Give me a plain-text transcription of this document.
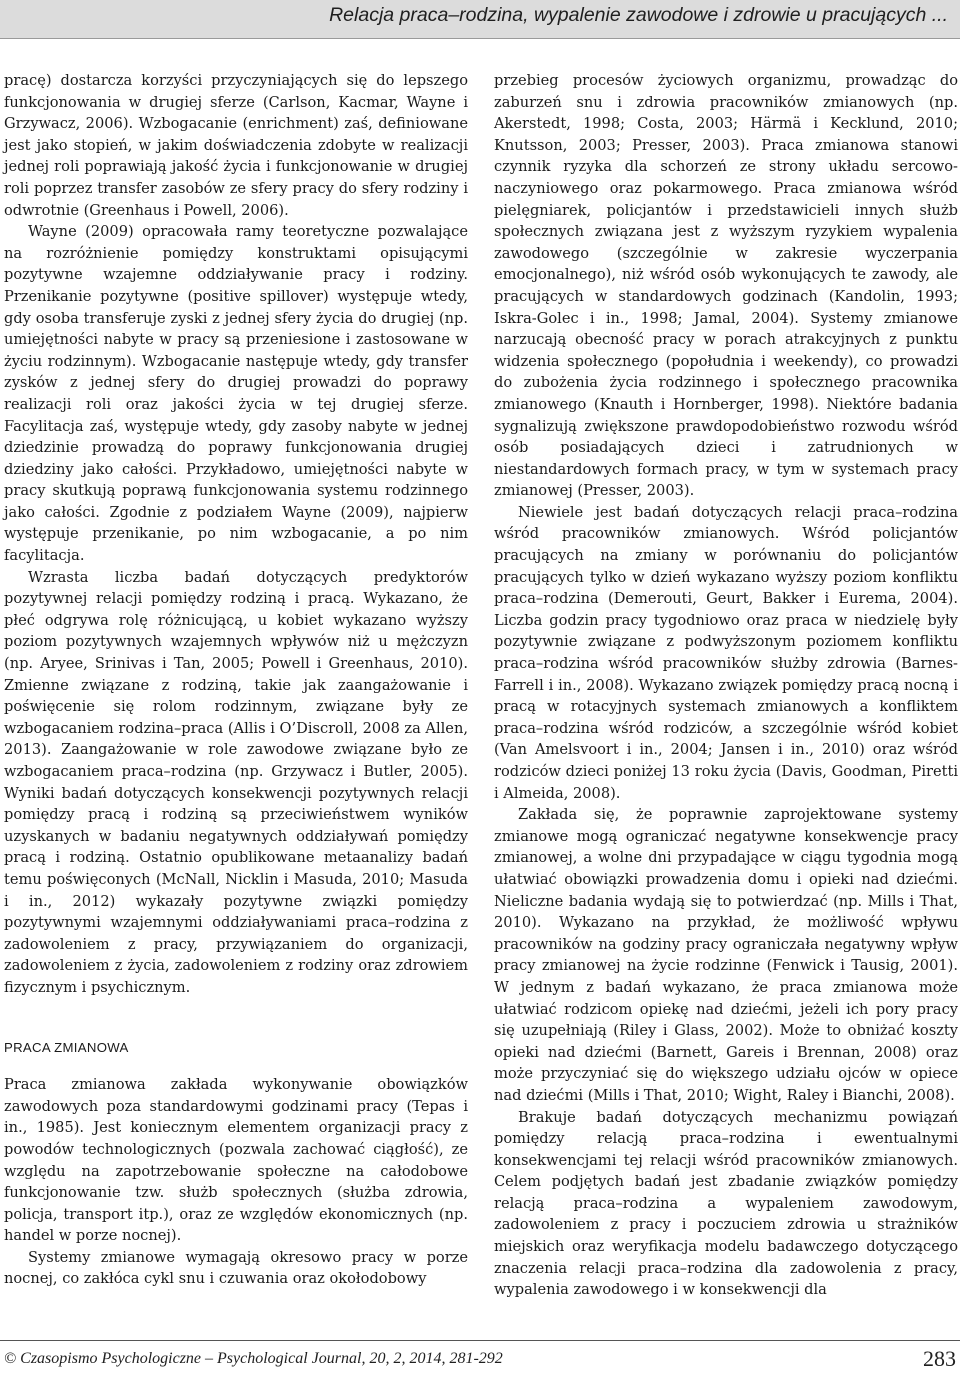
Relacja praca–rodzina, wypalenie zawodowe i zdrowie u pracujących ...

pracę) dostarcza korzyści przyczyniających się do lepszego funkcjonowania w drugiej sferze (Carlson, Kacmar, Wayne i Grzywacz, 2006). Wzbogacanie (enrichment) zaś, definiowane jest jako stopień, w jakim doświadczenia zdobyte w realizacji jednej roli poprawiają jakość życia i funkcjonowanie w drugiej roli poprzez transfer zasobów ze sfery pracy do sfery rodziny i odwrotnie (Greenhaus i Powell, 2006).

Wayne (2009) opracowała ramy teoretyczne pozwalające na rozróżnienie pomiędzy konstruktami opisującymi pozytywne wzajemne oddziaływanie pracy i rodziny. Przenikanie pozytywne (positive spillover) występuje wtedy, gdy osoba transferuje zyski z jednej sfery życia do drugiej (np. umiejętności nabyte w pracy są przeniesione i zastosowane w życiu rodzinnym). Wzbogacanie następuje wtedy, gdy transfer zysków z jednej sfery do drugiej prowadzi do poprawy realizacji roli oraz jakości życia w tej drugiej sferze. Facylitacja zaś, występuje wtedy, gdy zasoby nabyte w jednej dziedzinie prowadzą do poprawy funkcjonowania drugiej dziedziny jako całości. Przykładowo, umiejętności nabyte w pracy skutkują poprawą funkcjonowania systemu rodzinnego jako całości. Zgodnie z podziałem Wayne (2009), najpierw występuje przenikanie, po nim wzbogacanie, a po nim facylitacja.

Wzrasta liczba badań dotyczących predyktorów pozytywnej relacji pomiędzy rodziną i pracą. Wykazano, że płeć odgrywa rolę różnicującą, u kobiet wykazano wyższy poziom pozytywnych wzajemnych wpływów niż u mężczyzn (np. Aryee, Srinivas i Tan, 2005; Powell i Greenhaus, 2010). Zmienne związane z rodziną, takie jak zaangażowanie i poświęcenie się rolom rodzinnym, związane były ze wzbogacaniem rodzina–praca (Allis i O’Discroll, 2008 za Allen, 2013). Zaangażowanie w role zawodowe związane było ze wzbogacaniem praca–rodzina (np. Grzywacz i Butler, 2005). Wyniki badań dotyczących konsekwencji pozytywnych relacji pomiędzy pracą i rodziną są przeciwieństwem wyników uzyskanych w badaniu negatywnych oddziaływań pomiędzy pracą i rodziną. Ostatnio opublikowane metaanalizy badań temu poświęconych (McNall, Nicklin i Masuda, 2010; Masuda i in., 2012) wykazały pozytywne związki pomiędzy pozytywnymi wzajemnymi oddziaływaniami praca–rodzina z zadowoleniem z pracy, przywiązaniem do organizacji, zadowoleniem z życia, zadowoleniem z rodziny oraz zdrowiem fizycznym i psychicznym.

PRACA ZMIANOWA

Praca zmianowa zakłada wykonywanie obowiązków zawodowych poza standardowymi godzinami pracy (Tepas i in., 1985). Jest koniecznym elementem organizacji pracy z powodów technologicznych (pozwala zachować ciągłość), ze względu na zapotrzebowanie społeczne na całodobowe funkcjonowanie tzw. służb społecznych (służba zdrowia, policja, transport itp.), oraz ze względów ekonomicznych (np. handel w porze nocnej).

Systemy zmianowe wymagają okresowo pracy w porze nocnej, co zakłóca cykl snu i czuwania oraz okołodobowy

przebieg procesów życiowych organizmu, prowadząc do zaburzeń snu i zdrowia pracowników zmianowych (np. Akerstedt, 1998; Costa, 2003; Härmä i Kecklund, 2010; Knutsson, 2003; Presser, 2003). Praca zmianowa stanowi czynnik ryzyka dla schorzeń ze strony układu sercowo-naczyniowego oraz pokarmowego. Praca zmianowa wśród pielęgniarek, policjantów i przedstawicieli innych służb społecznych związana jest z wyższym ryzykiem wypalenia zawodowego (szczególnie w zakresie wyczerpania emocjonalnego), niż wśród osób wykonujących te zawody, ale pracujących w standardowych godzinach (Kandolin, 1993; Iskra-Golec i in., 1998; Jamal, 2004). Systemy zmianowe narzucają obecność pracy w porach atrakcyjnych z punktu widzenia społecznego (popołudnia i weekendy), co prowadzi do zubożenia życia rodzinnego i społecznego pracownika zmianowego (Knauth i Hornberger, 1998). Niektóre badania sygnalizują zwiększone prawdopodobieństwo rozwodu wśród osób posiadających dzieci i zatrudnionych w niestandardowych formach pracy, w tym w systemach pracy zmianowej (Presser, 2003).

Niewiele jest badań dotyczących relacji praca–rodzina wśród pracowników zmianowych. Wśród policjantów pracujących na zmiany w porównaniu do policjantów pracujących tylko w dzień wykazano wyższy poziom konfliktu praca–rodzina (Demerouti, Geurt, Bakker i Eurema, 2004). Liczba godzin pracy tygodniowo oraz praca w niedzielę były pozytywnie związane z podwyższonym poziomem konfliktu praca–rodzina wśród pracowników służby zdrowia (Barnes-Farrell i in., 2008). Wykazano związek pomiędzy pracą nocną i pracą w rotacyjnych systemach zmianowych a konfliktem praca–rodzina wśród rodziców, a szczególnie wśród kobiet (Van Amelsvoort i in., 2004; Jansen i in., 2010) oraz wśród rodziców dzieci poniżej 13 roku życia (Davis, Goodman, Piretti i Almeida, 2008).

Zakłada się, że poprawnie zaprojektowane systemy zmianowe mogą ograniczać negatywne konsekwencje pracy zmianowej, a wolne dni przypadające w ciągu tygodnia mogą ułatwiać obowiązki prowadzenia domu i opieki nad dziećmi. Nieliczne badania wydają się to potwierdzać (np. Mills i That, 2010). Wykazano na przykład, że możliwość wpływu pracowników na godziny pracy ograniczała negatywny wpływ pracy zmianowej na życie rodzinne (Fenwick i Tausig, 2001). W jednym z badań wykazano, że praca zmianowa może ułatwiać rodzicom opiekę nad dziećmi, jeżeli ich pory pracy się uzupełniają (Riley i Glass, 2002). Może to obniżać koszty opieki nad dziećmi (Barnett, Gareis i Brennan, 2008) oraz może przyczyniać się do większego udziału ojców w opiece nad dziećmi (Mills i That, 2010; Wight, Raley i Bianchi, 2008).

Brakuje badań dotyczących mechanizmu powiązań pomiędzy relacją praca–rodzina i ewentualnymi konsekwencjami tej relacji wśród pracowników zmianowych. Celem podjętych badań jest zbadanie związków pomiędzy relacją praca–rodzina a wypaleniem zawodowym, zadowoleniem z pracy i poczuciem zdrowia u strażników miejskich oraz weryfikacja modelu badawczego dotyczącego znaczenia relacji praca–rodzina dla zadowolenia z pracy, wypalenia zawodowego i w konsekwencji dla

© Czasopismo Psychologiczne – Psychological Journal, 20, 2, 2014, 281-292	283
